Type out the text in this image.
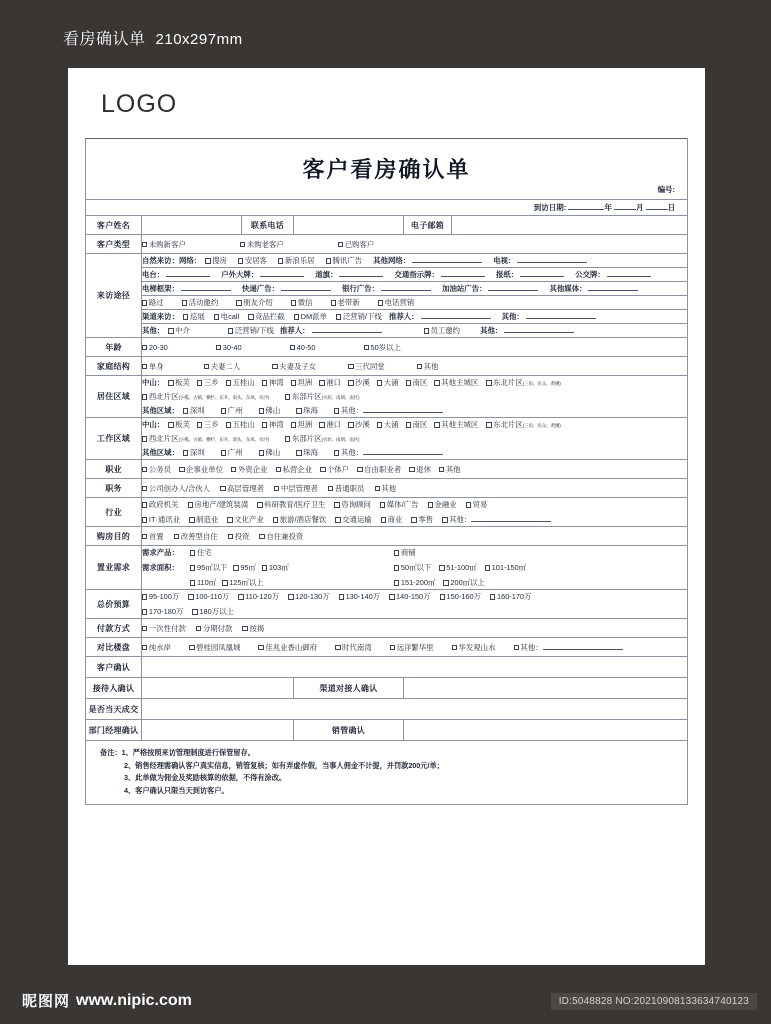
看房确认单 210x297mm
LOGO
客户看房确认单
编号:					

到访日期: 年 月 日					

客户姓名		联系电话		电子邮箱	
客户类型	未购新客户 未购老客户 已购客户				

来访途径	自然来访：网络： 搜房 安居客 新浪乐居 腾讯广告 其他网络： 电视：				

	电台： 户外大牌： 道旗： 交通指示牌： 报纸： 公交牌：				

	电梯框架： 快递广告： 银行广告： 加油站广告： 其他媒体：				

	路过 活动邀约 朋友介绍 微信 老带新 电话营销				

	渠道来访： 巡展 电call 竞品拦截 DM派单 泛营销/下线 推荐人： 其他：				

	其他： 中介 泛营销/下线 推荐人： 员工邀约 其他：				

年龄	20-30 30-40 40-50 50岁以上				

家庭结构	单身 夫妻二人 夫妻及子女 三代同堂 其他				

居住区域	中山： 板芙 三乡 五桂山 神湾 坦洲 港口 沙溪 大涌 南区 其他主城区 东北片区(三角、民众、黄圃)				

	西北片区(小榄、古镇、横栏、东升、南头、东凤、阜沙) 东部片区(火炬、南朗、南区)				

	其他区域： 深圳 广州 佛山 珠海 其他：				

工作区域	中山： 板芙 三乡 五桂山 神湾 坦洲 港口 沙溪 大涌 南区 其他主城区 东北片区(三角、民众、黄圃)				

	西北片区(小榄、古镇、横栏、东升、南头、东凤、阜沙) 东部片区(火炬、南朗、南区)				

	其他区域： 深圳 广州 佛山 珠海 其他：				

职业	公务员 企事业单位 外资企业 私营企业 个体户 自由职业者 退休 其他				

职务	公司创办人/合伙人 高层管理者 中层管理者 普通职员 其他				

行业	政府机关 房地产/建筑装潢 科研教育/医疗卫生 咨询顾问 媒体/广告 金融业 贸易				

	IT·通讯业 制造业 文化产业 旅游/酒店餐饮 交通运输 商业 零售 其他：				

购房目的	首置 改善型自住 投资 自住兼投资				

置业需求	需求产品： 住宅 商铺				

	需求面积： 95㎡以下 95㎡ 103㎡ 50㎡以下 51-100㎡ 101-150㎡				

	110㎡ 125㎡以上 151-200㎡ 200㎡以上				

总价预算	95-100万 100-110万 110-120万 120-130万 130-140万 140-150万 150-160万 160-170万				

	170-180万 180万以上				

付款方式	一次性付款 分期付款 按揭				

对比楼盘	纯水岸 碧桂园凤凰城 佳兆业香山御府 时代南湾 远洋繁华里 华发观山水 其他：				

客户确认					
接待人确认			渠道对接人确认		
是否当天成交					
部门经理确认			销管确认		

备注：1、严格按照来访管理制度进行保管留存。
2、销售经理需确认客户真实信息，销管复核；如有弄虚作假，当事人佣金不计提，并罚款200元/单；
3、此单做为佣金及奖励核算的依据，不得有涂改。
4、客户确认只限当天到访客户。					
昵图网 www.nipic.com	ID:5048828 NO:20210908133634740123
